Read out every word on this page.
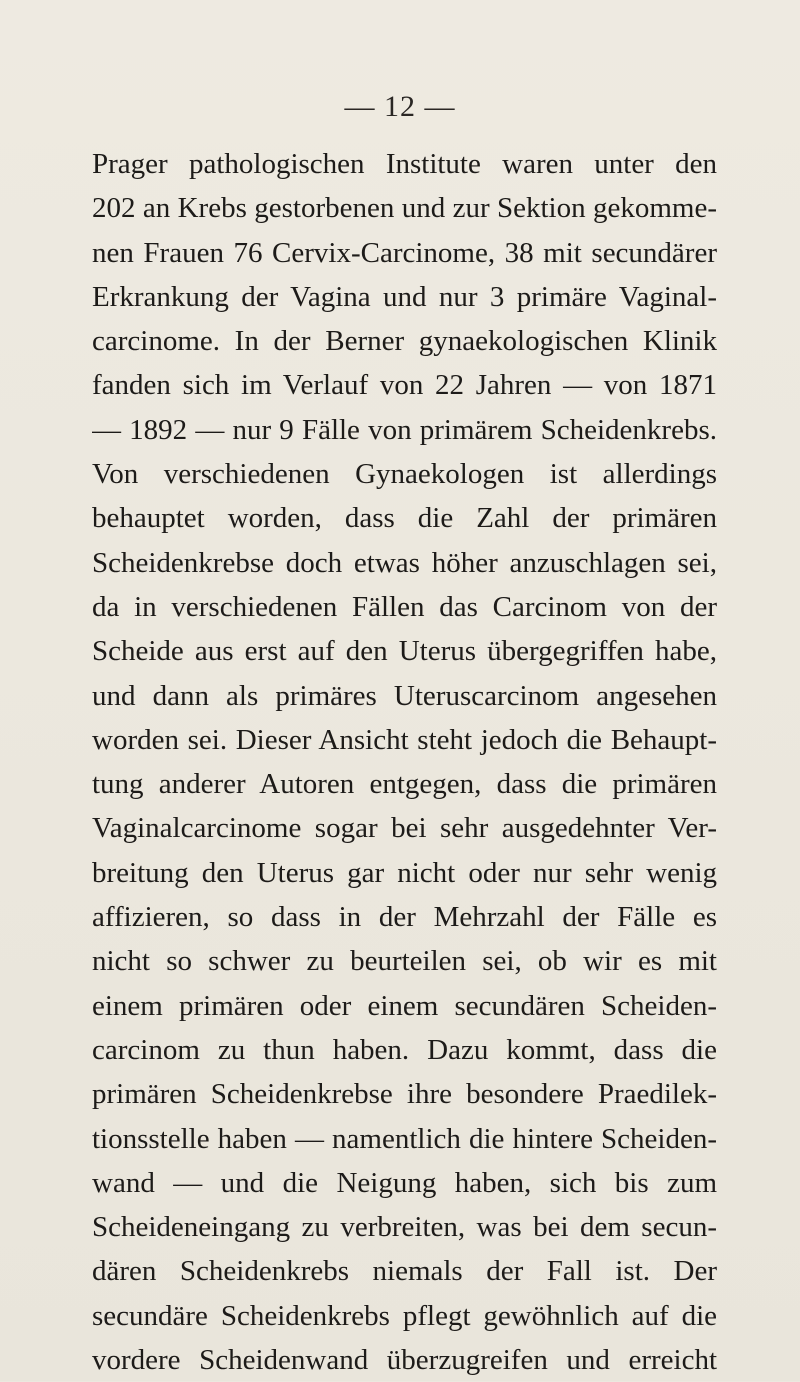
— 12 —
Prager pathologischen Institute waren unter den
202 an Krebs gestorbenen und zur Sektion gekomme-
nen Frauen 76 Cervix-Carcinome, 38 mit secundärer
Erkrankung der Vagina und nur 3 primäre Vaginal-
carcinome. In der Berner gynaekologischen Klinik
fanden sich im Verlauf von 22 Jahren — von 1871
— 1892 — nur 9 Fälle von primärem Scheidenkrebs.
Von verschiedenen Gynaekologen ist allerdings
behauptet worden, dass die Zahl der primären
Scheidenkrebse doch etwas höher anzuschlagen sei,
da in verschiedenen Fällen das Carcinom von der
Scheide aus erst auf den Uterus übergegriffen habe,
und dann als primäres Uteruscarcinom angesehen
worden sei. Dieser Ansicht steht jedoch die Behaupt-
tung anderer Autoren entgegen, dass die primären
Vaginalcarcinome sogar bei sehr ausgedehnter Ver-
breitung den Uterus gar nicht oder nur sehr wenig
affizieren, so dass in der Mehrzahl der Fälle es
nicht so schwer zu beurteilen sei, ob wir es mit
einem primären oder einem secundären Scheiden-
carcinom zu thun haben. Dazu kommt, dass die
primären Scheidenkrebse ihre besondere Praedilek-
tionsstelle haben — namentlich die hintere Scheiden-
wand — und die Neigung haben, sich bis zum
Scheideneingang zu verbreiten, was bei dem secun-
dären Scheidenkrebs niemals der Fall ist. Der
secundäre Scheidenkrebs pflegt gewöhnlich auf die
vordere Scheidenwand überzugreifen und erreicht
